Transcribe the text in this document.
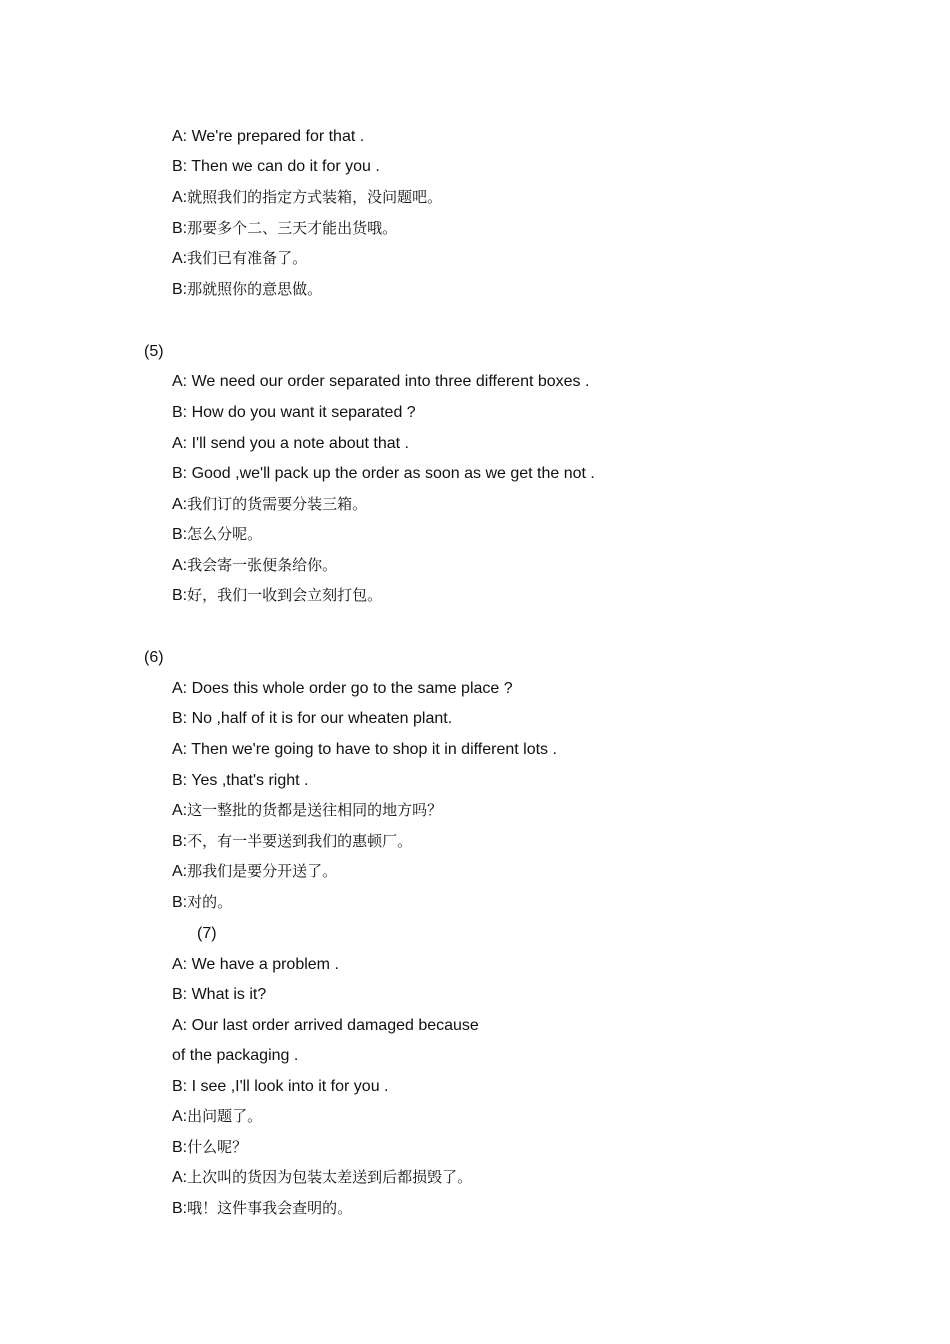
A: We're prepared for that .
B: Then we can do it for you .
A:就照我们的指定方式装箱，没问题吧。
B:那要多个二、三天才能出货哦。
A:我们已有准备了。
B:那就照你的意思做。
(5)
A: We need our order separated into three different boxes .
B: How do you want it separated ?
A: I'll send you a note about that .
B: Good ,we'll pack up the order as soon as we get the not .
A:我们订的货需要分装三箱。
B:怎么分呢。
A:我会寄一张便条给你。
B:好，我们一收到会立刻打包。
(6)
A: Does this whole order go to the same place ?
B: No ,half of it is for our wheaten plant.
A: Then we're going to have to shop it in different lots .
B: Yes ,that's right .
A:这一整批的货都是送往相同的地方吗？
B:不，有一半要送到我们的惠顿厂。
A:那我们是要分开送了。
B:对的。
(7)
A: We have a problem .
B: What is it?
A: Our last order arrived damaged because
of the packaging .
B: I see ,I'll look into it for you .
A:出问题了。
B:什么呢？
A:上次叫的货因为包装太差送到后都损毁了。
B:哦！这件事我会查明的。
